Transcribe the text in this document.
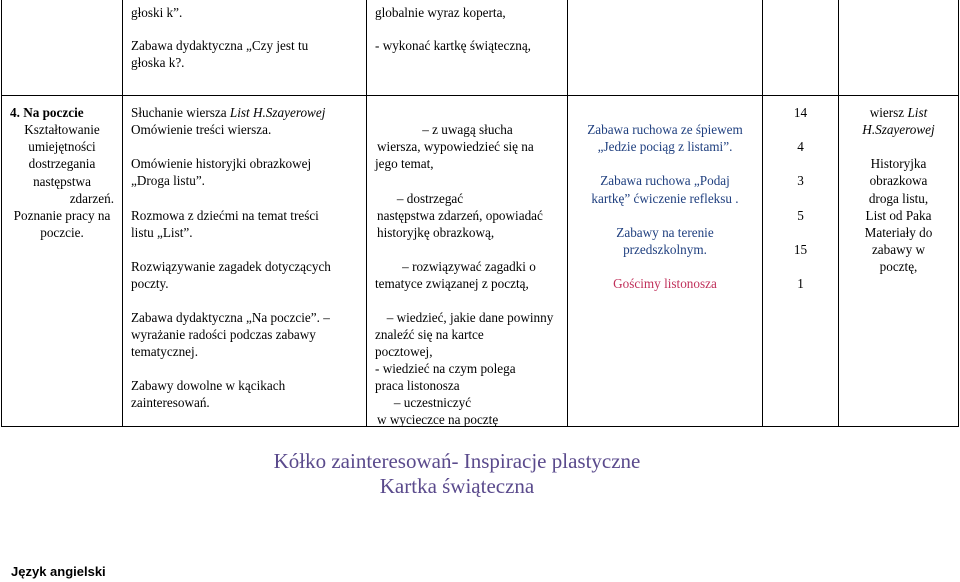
głoski k”.

Zabawa dydaktyczna „Czy jest tu

głoska k?.

globalnie wyraz koperta,

- wykonać kartkę świąteczną,

4. Na poczcie
Kształtowanie
umiejętności
dostrzegania
następstwa
zdarzeń.
Poznanie pracy na
poczcie.

Słuchanie wiersza List H.Szayerowej

Omówienie treści wiersza.

Omówienie historyjki obrazkowej

„Droga listu”.

Rozmowa z dziećmi na temat treści

listu „List”.

Rozwiązywanie zagadek dotyczących

poczty.

Zabawa dydaktyczna „Na poczcie”. –

wyrażanie radości podczas zabawy

tematycznej.

Zabawy dowolne w kącikach

zainteresowań.

– z uwagą słucha

wiersza, wypowiedzieć się na

jego temat,

– dostrzegać

następstwa zdarzeń, opowiadać

historyjkę obrazkową,

– rozwiązywać zagadki o

tematyce związanej z pocztą,

– wiedzieć, jakie dane powinny

znaleźć się na kartce

pocztowej,

- wiedzieć na czym polega

praca listonosza

– uczestniczyć

w wycieczce na pocztę

Zabawa ruchowa ze śpiewem

„Jedzie pociąg z listami”.

Zabawa ruchowa „Podaj

kartkę” ćwiczenie refleksu .

Zabawy na terenie

przedszkolnym.

Gościmy listonosza

14

4

3

5

15

1

wiersz List
H.Szayerowej
Historyjka
obrazkowa
droga listu,
List od Paka
Materiały do
zabawy w
pocztę,
Kółko zainteresowań- Inspiracje plastyczne
Kartka świąteczna
Język angielski
